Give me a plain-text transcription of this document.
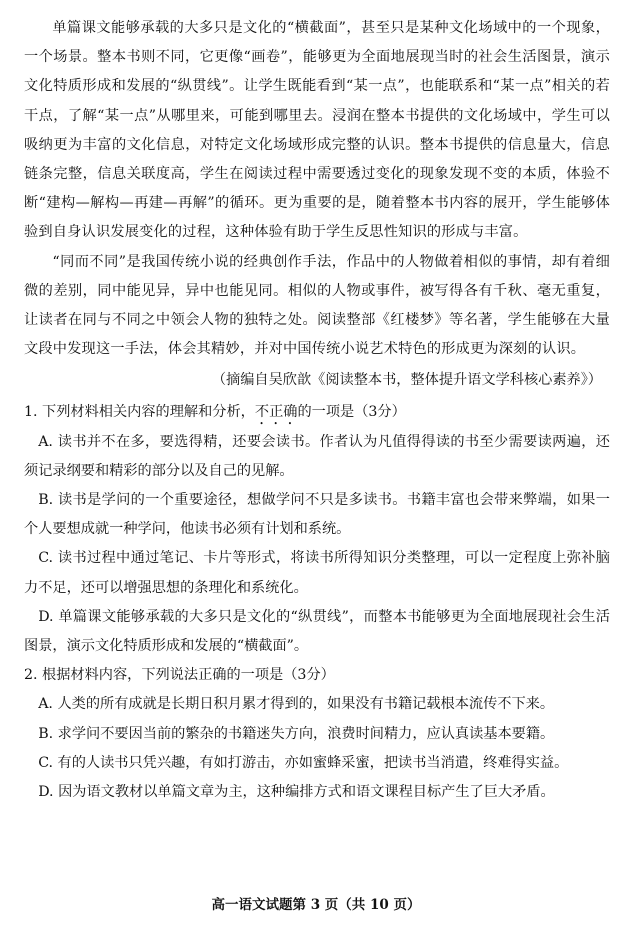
单篇课文能够承载的大多只是文化的“横截面”，甚至只是某种文化场域中的一个现象，一个场景。整本书则不同，它更像“画卷”，能够更为全面地展现当时的社会生活图景，演示文化特质形成和发展的“纵贯线”。让学生既能看到“某一点”，也能联系和“某一点”相关的若干点，了解“某一点”从哪里来，可能到哪里去。浸润在整本书提供的文化场域中，学生可以吸纳更为丰富的文化信息，对特定文化场域形成完整的认识。整本书提供的信息量大，信息链条完整，信息关联度高，学生在阅读过程中需要透过变化的现象发现不变的本质，体验不断“建构—解构—再建—再解”的循环。更为重要的是，随着整本书内容的展开，学生能够体验到自身认识发展变化的过程，这种体验有助于学生反思性知识的形成与丰富。

“同而不同”是我国传统小说的经典创作手法，作品中的人物做着相似的事情，却有着细微的差别，同中能见异，异中也能见同。相似的人物或事件，被写得各有千秋、毫无重复，让读者在同与不同之中领会人物的独特之处。阅读整部《红楼梦》等名著，学生能够在大量文段中发现这一手法，体会其精妙，并对中国传统小说艺术特色的形成更为深刻的认识。

（摘编自吴欣歆《阅读整本书，整体提升语文学科核心素养》）

1. 下列材料相关内容的理解和分析，不正确的一项是（3分）

A. 读书并不在多，要选得精，还要会读书。作者认为凡值得得读的书至少需要读两遍，还须记录纲要和精彩的部分以及自己的见解。

B. 读书是学问的一个重要途径，想做学问不只是多读书。书籍丰富也会带来弊端，如果一个人要想成就一种学问，他读书必须有计划和系统。

C. 读书过程中通过笔记、卡片等形式，将读书所得知识分类整理，可以一定程度上弥补脑力不足，还可以增强思想的条理化和系统化。

D. 单篇课文能够承载的大多只是文化的“纵贯线”，而整本书能够更为全面地展现社会生活图景，演示文化特质形成和发展的“横截面”。

2. 根据材料内容，下列说法正确的一项是（3分）

A. 人类的所有成就是长期日积月累才得到的，如果没有书籍记载根本流传不下来。

B. 求学问不要因当前的繁杂的书籍迷失方向，浪费时间精力，应认真读基本要籍。

C. 有的人读书只凭兴趣，有如打游击，亦如蜜蜂采蜜，把读书当消遣，终难得实益。

D. 因为语文教材以单篇文章为主，这种编排方式和语文课程目标产生了巨大矛盾。

高一语文试题第 3 页（共 10 页）
